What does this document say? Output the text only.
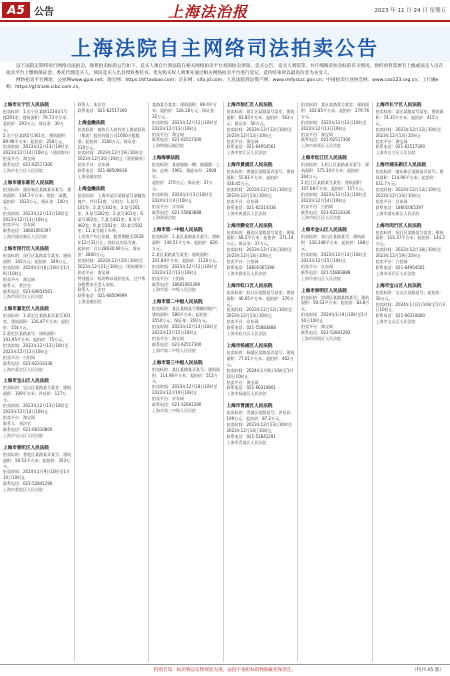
A5 公告	上海法治报	2023 年 11 月 24 日 星期五
上海法院自主网络司法拍卖公告

以下法院定期将举行网络司法拍卖。现将拍卖标的公告如下。竞买人须自行到法院在相关网络拍卖平台查阅拍卖须知、竞买公告，竞买人须知等，并仔细阅读拍卖标的有关情况，预约看样需要有上级或法定人员在拍卖平台上缴纳保证金。委托代理竞买人，须向竞买人出具授权委托书。优先购买权人须事先通过相关网络拍卖平台进行登记，竞价结束时以最高价者为买受人。

网络拍卖平台网址：公拍网www.gpai.net；淘宝网：https://sf.taobao.com；京东网：sifa.jd.com；人民法院诉讼资产网：www.rmfysszc.gov.cn；中国拍卖行业协会网：www.caa123.org.cn；工行融e购：https://gf.trade.icbc.com.cn。

上海市长宁区人民法院
拍卖标的：1.长宁区某路1234弄1号楼201室；建筑面积：79.73平方米；起拍价：293万元；保证金：30万元。
2.长宁区某路5号301室；建筑面积：89.96平方米；起拍价：258万元。
拍卖时间：2023年12月13日10时至2023年12月14日10时止（延时除外）
拍卖平台：淘宝网
联系电话：021-62517300
上海市长宁区人民法院
上海市浦东新区人民法院
拍卖标的：浦东新区某路某弄某号；建筑面积：144.7平方米；现状：闲置。
起拍价：1023万元；保证金：100万元。
拍卖时间：2023年12月12日10时至2023年12月13日10时止
拍卖平台：京东网
联系电话：18601065397
上海市浦东新区人民法院
上海市闵行区人民法院
拍卖标的：闵行区某路某号某室；建筑面积：343万元；起拍价：349万元。
拍卖时间：2024年1月6日10时至1月9日10时止
拍卖平台：淘宝网
联系人：罗法官
联系电话：021-64954561
上海市闵行区人民法院
上海市嘉定区人民法院
拍卖标的：1.嘉定区某路某弄某号101室；建筑面积：126.47平方米；起拍价：154万元。
2.嘉定区某路某号；建筑面积：103.95平方米；起拍价：75万元。
拍卖时间：2023年12月12日10时至2023年12月13日10时止
拍卖平台：公拍网
联系电话：021-62314336
上海市嘉定区人民法院
上海市宝山区人民法院
拍卖标的：宝山区某路某号某室；建筑面积：109平方米；评估价：127万元。
拍卖时间：2023年12月13日10时至2023年12月14日10时止
拍卖平台：淘宝网
联系人：刘法官
联系电话：021-66310800
上海市宝山区人民法院
上海市普陀区人民法院
拍卖标的：普陀区某路某弄某号；建筑面积：59.53平方米；起拍价：353万元。
拍卖时间：2024年1月9日10时至1月10日10时止
联系电话：021-52841290
上海市普陀区人民法院
联系人：朱法官
联系电话：021-62517300
上海金融法院
拍卖标的：被执行人持有的上海某投资（集团）股份有限公司1000万股股票；起拍价：2100万元；保证金：210万元。
拍卖时间：2023年12月19日10时至2023年12月20日10时止（延时除外）
拍卖平台：京东网
联系电话：021-68509818
上海金融法院
上海金融法院
拍卖标的：上海市某区某路某号某幢房地产，共计11套，分别为：1.某号101室；2.某号102室；3.某号201室；4.某号202室；5.某号301室；6.某号302室；7.某号401室；8.某号402室；9.某号501室；10.某号502室；11.某号地下车库。
上述房产均已出租，租赁期限至2028年12月31日止；现状以实际为准。
起拍价：合计28630.69万元；保证金：2800万元。
拍卖时间：2023年12月20日10时至2023年12月21日10时止（延时除外）
拍卖平台：淘宝网
特别提示：标的物以现状拍卖，过户所涉税费由买受人承担。
联系人：王法官
联系电话：021-68509999
上海金融法院
某路某号某室；建筑面积：89.4平方米；起拍价：326.18万元；保证金：32万元。
拍卖时间：2023年12月12日10时至2023年12月13日10时止
拍卖平台：淘宝网
联系电话：021-62517300
上海铁路运输法院
上海海事法院
拍卖标的：某轮船舶一艘；船籍港：上海；总吨：2961；建造年份：2008年。
起拍价：370万元；保证金：37万元。
拍卖时间：2024年1月3日10时至2024年1月4日10时止
拍卖平台：京东网
联系电话：021-55883888
上海海事法院
上海市第一中级人民法院
拍卖标的：1.某区某路某弄某号；建筑面积：146.51平方米；起拍价：820万元。
2.某区某路某号某室；建筑面积：201.84平方米；起拍价：1120万元。
拍卖时间：2023年12月12日10时至2023年12月13日10时止
拍卖平台：公拍网
联系电话：18601065399
上海市第一中级人民法院
上海市第二中级人民法院
拍卖标的：某区某路某号整幢房地产；建筑面积：580平方米；起拍价：3550万元；保证金：350万元。
拍卖时间：2023年12月14日10时至2023年12月15日10时止
拍卖平台：淘宝网
联系电话：021-62517300
上海市第二中级人民法院
上海市第三中级人民法院
拍卖标的：某区某路某弄某号；建筑面积：114.96平方米；起拍价：512万元。
拍卖时间：2023年12月18日10时至2023年12月19日10时止
拍卖平台：京东网
联系电话：021-52841290
上海市第三中级人民法院
上海市徐汇区人民法院
拍卖标的：徐汇区某路某号某室；建筑面积：83.85平方米；起拍价：563万元；保证金：56万元。
拍卖时间：2023年12月12日10时至2023年12月13日10时止
拍卖平台：淘宝网
联系电话：021-64954561
上海市徐汇区人民法院
上海市黄浦区人民法院
拍卖标的：黄浦区某路某弄某号；建筑面积：55.81平方米；起拍价：436.45万元。
拍卖时间：2023年12月12日10时至2023年12月13日10时止
拍卖平台：京东网
联系电话：021-62314336
上海市黄浦区人民法院
上海市静安区人民法院
拍卖标的：静安区某路某号某室；建筑面积：68.2平方米；起拍价：371.14万元；保证金：37万元。
拍卖时间：2023年12月13日10时至2023年12月14日10时止
拍卖平台：公拍网
联系电话：18601065396
上海市静安区人民法院
上海市虹口区人民法院
拍卖标的：虹口区某路某号某室；建筑面积：46.65平方米；起拍价：370万元。
拍卖时间：2023年12月12日10时至2023年12月13日10时止
拍卖平台：京东网
联系电话：021-55883888
上海市虹口区人民法院
上海市杨浦区人民法院
拍卖标的：杨浦区某路某弄某号；建筑面积：77.01平方米；起拍价：462万元。
拍卖时间：2024年1月9日10时至1月10日10时止
拍卖平台：淘宝网
联系电话：021-66310801
上海市杨浦区人民法院
上海市青浦区人民法院
拍卖标的：青浦区某路某号；评估价：109万元；起拍价：87.2万元。
拍卖时间：2023年12月13日10时至2023年12月14日10时止
联系电话：021-52841291
上海市青浦区人民法院
拍卖标的：某区某路某号某室；建筑面积：102.85平方米；起拍价：279.76万元。
拍卖时间：2023年12月12日10时至2023年12月13日10时止
拍卖平台：淘宝网
联系电话：021-62517300
上海市奉贤区人民法院
上海市松江区人民法院
拍卖标的：1.松江区某路某弄某号；建筑面积：375.34平方米；起拍价：204万元。
2.松江区某路某号某室；建筑面积：107.68平方米；起拍价：157万元。
拍卖时间：2023年12月13日10时至2023年12月14日10时止
拍卖平台：公拍网
联系电话：021-62314336
上海市松江区人民法院
上海市金山区人民法院
拍卖标的：金山区某路某号；建筑面积：130.348平方米；起拍价：188万元。
拍卖时间：2023年12月14日10时至2023年12月15日10时止
拍卖平台：京东网
联系电话：021-55883888
上海市金山区人民法院
上海市崇明区人民法院
拍卖标的：崇明区某镇某路某号；建筑面积：59.53平方米；起拍价：83.8万元。
拍卖时间：2024年1月9日10时至1月10日10时止
拍卖平台：淘宝网
联系电话：021-52841292
上海市崇明区人民法院
上海市长宁区人民法院
拍卖标的：某区某路某号某室；建筑面积：74.35平方米；起拍价：415万元。
拍卖时间：2023年12月12日10时至2023年12月13日10时止
拍卖平台：淘宝网
联系电话：021-62517300
上海市长宁区人民法院
上海市浦东新区人民法院
拍卖标的：浦东新区某路某弄某号；建筑面积：114.96平方米；起拍价：631.7万元。
拍卖时间：2023年12月13日10时至2023年12月14日10时止
拍卖平台：京东网
联系电话：18601065397
上海市浦东新区人民法院
上海市闵行区人民法院
拍卖标的：闵行区某路某号某室；建筑面积：101.37平方米；起拍价：144.2万元。
拍卖时间：2023年12月18日10时至2023年12月19日10时止
拍卖平台：公拍网
联系电话：021-64954561
上海市闵行区人民法院
上海市宝山区人民法院
拍卖标的：宝山区某路某号；起拍价：30万元。
拍卖时间：2024年1月2日10时至1月3日10时止
联系电话：021-66310800
上海市宝山区人民法院
特别告知：标的物以实物现状为准，法院不承担标的物瑕疵担保责任。	（特刊 A5 版）
